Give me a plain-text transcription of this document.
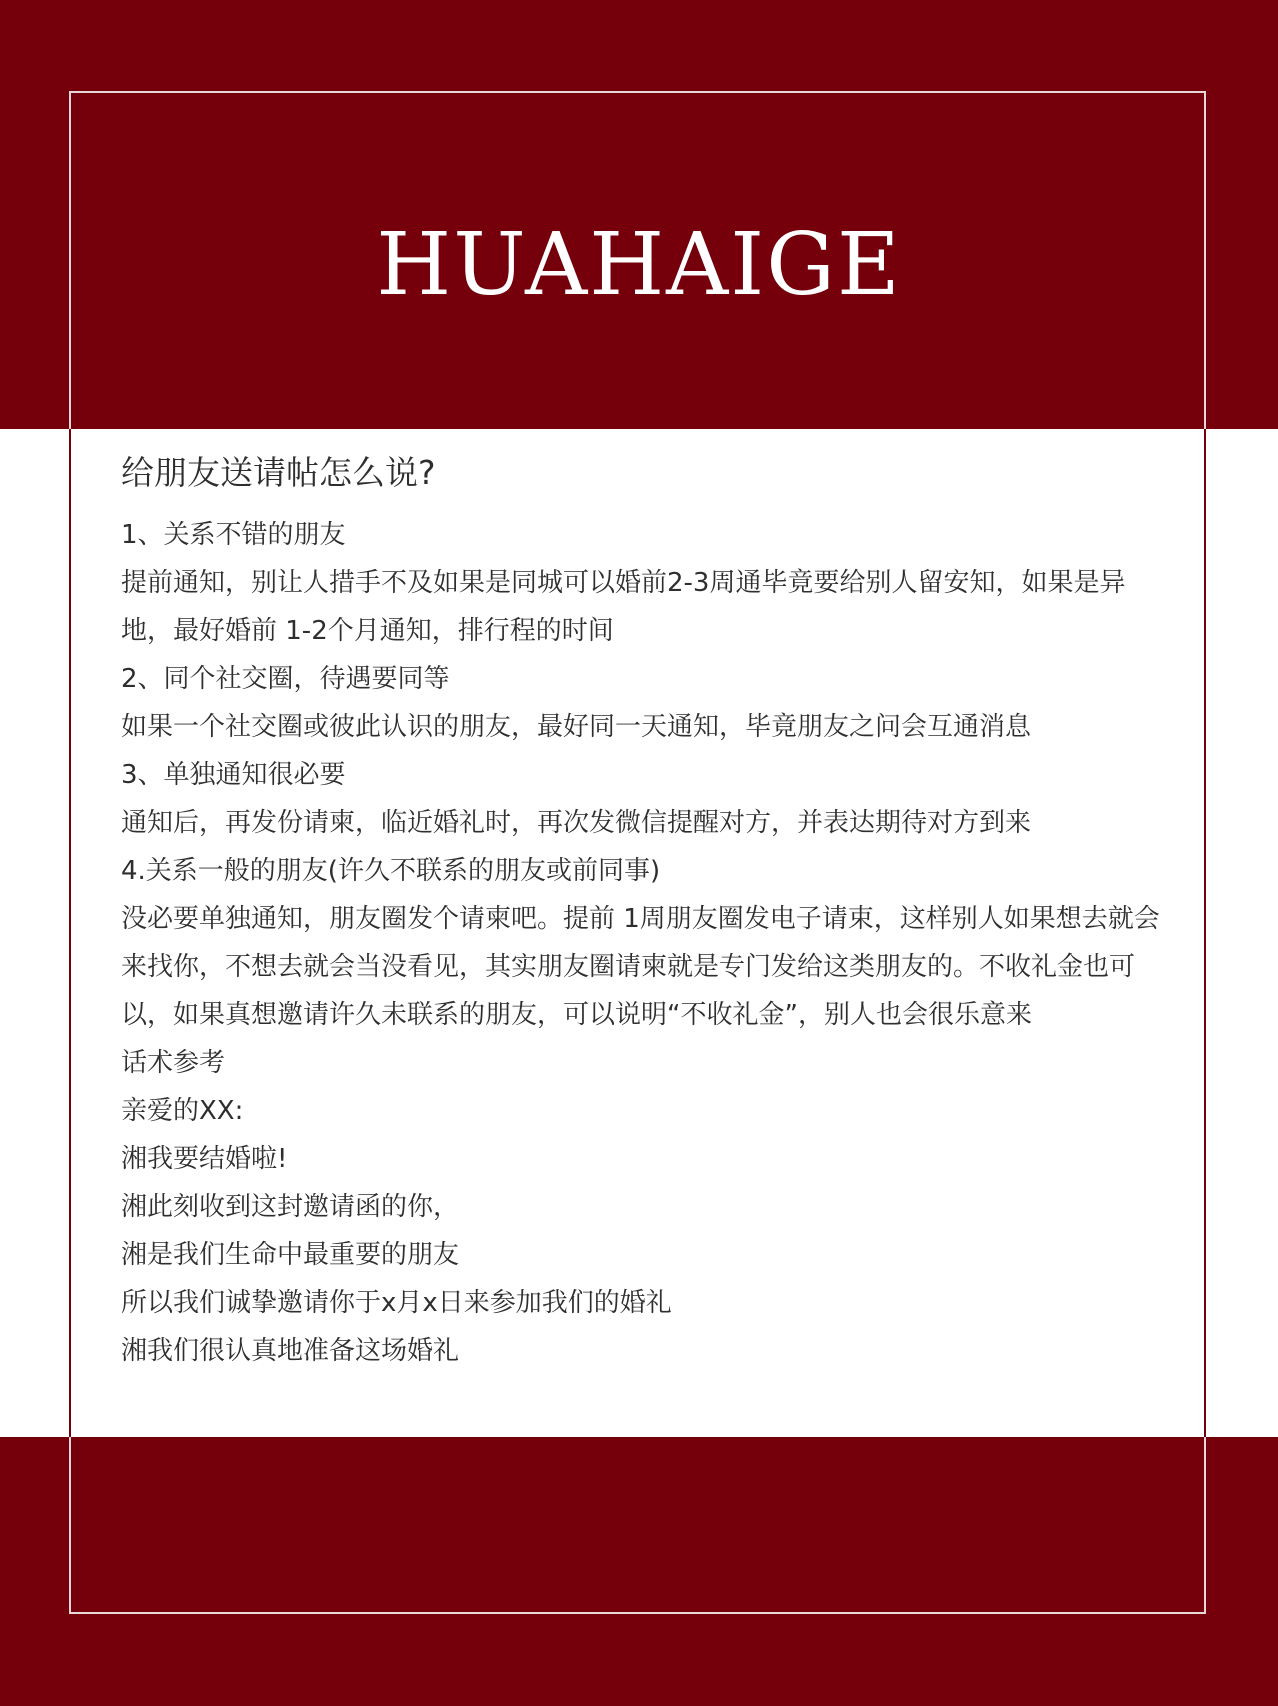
HUAHAIGE

给朋友送请帖怎么说?

1、关系不错的朋友

提前通知，别让人措手不及如果是同城可以婚前2-3周通毕竟要给别人留安知，如果是异地，最好婚前 1-2个月通知，排行程的时间

2、同个社交圈，待遇要同等

如果一个社交圈或彼此认识的朋友，最好同一天通知，毕竟朋友之问会互通消息

3、单独通知很必要

通知后，再发份请柬，临近婚礼时，再次发微信提醒对方，并表达期待对方到来

4.关系一般的朋友(许久不联系的朋友或前同事)

没必要单独通知，朋友圈发个请柬吧。提前 1周朋友圈发电子请束，这样别人如果想去就会来找你，不想去就会当没看见，其实朋友圈请柬就是专门发给这类朋友的。不收礼金也可以，如果真想邀请许久未联系的朋友，可以说明“不收礼金”，别人也会很乐意来

话术参考

亲爱的XX:

湘我要结婚啦!

湘此刻收到这封邀请函的你，

湘是我们生命中最重要的朋友

所以我们诚挚邀请你于x月x日来参加我们的婚礼

湘我们很认真地准备这场婚礼
